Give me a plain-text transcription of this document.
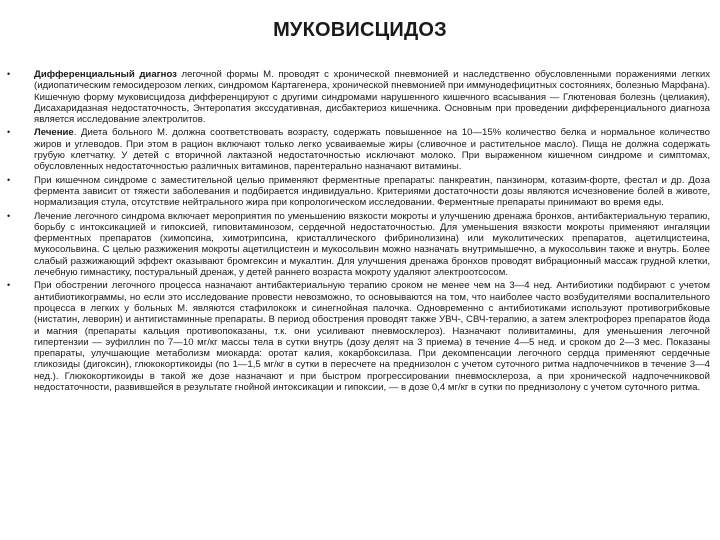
МУКОВИСЦИДОЗ
• Дифференциальный диагноз легочной формы М. проводят с хронической пневмонией и наследственно обусловленными поражениями легких (идиопатическим гемосидерозом легких, синдромом Картагенера, хронической пневмонией при иммунодефицитных состояниях, болезнью Марфана). Кишечную форму муковисцидоза дифференцируют с другими синдромами нарушенного кишечного всасывания — Глютеновая болезнь (целиакия), Дисахаридазная недостаточность, Энтеропатия экссудативная, дисбактериоз кишечника. Основным при проведении дифференциального диагноза является исследование электролитов.
• Лечение. Диета больного М. должна соответствовать возрасту, содержать повышенное на 10—15% количество белка и нормальное количество жиров и углеводов. При этом в рацион включают только легко усваиваемые жиры (сливочное и растительное масло). Пища не должна содержать грубую клетчатку. У детей с вторичной лактазной недостаточностью исключают молоко. При выраженном кишечном синдроме и симптомах, обусловленных недостаточностью различных витаминов, парентерально назначают витамины.
• При кишечном синдроме с заместительной целью применяют ферментные препараты: панкреатин, панзинорм, котазим-форте, фестал и др. Доза фермента зависит от тяжести заболевания и подбирается индивидуально. Критериями достаточности дозы являются исчезновение болей в животе, нормализация стула, отсутствие нейтрального жира при копрологическом исследовании. Ферментные препараты принимают во время еды.
• Лечение легочного синдрома включает мероприятия по уменьшению вязкости мокроты и улучшению дренажа бронхов, антибактериальную терапию, борьбу с интоксикацией и гипоксией, гиповитаминозом, сердечной недостаточностью. Для уменьшения вязкости мокроты применяют ингаляции ферментных препаратов (химопсина, химотрипсина, кристаллического фибринолизина) или муколитических препаратов, ацетилцистеина, мукосольвина. С целью разжижения мокроты ацетилцистеин и мукосольвин можно назначать внутримышечно, а мукосольвин также и внутрь. Более слабый разжижающий эффект оказывают бромгексин и мукалтин. Для улучшения дренажа бронхов проводят вибрационный массаж грудной клетки, лечебную гимнастику, постуральный дренаж, у детей раннего возраста мокроту удаляют электроотсосом.
• При обострении легочного процесса назначают антибактериальную терапию сроком не менее чем на 3—4 нед. Антибиотики подбирают с учетом антибиотикограммы, но если это исследование провести невозможно, то основываются на том, что наиболее часто возбудителями воспалительного процесса в легких у больных М. являются стафилококк и синегнойная палочка. Одновременно с антибиотиками используют противогрибковые (нистатин, леворин) и антигистаминные препараты. В период обострения проводят также УВЧ-, СВЧ-терапию, а затем электрофорез препаратов йода и магния (препараты кальция противопоказаны, т.к. они усиливают пневмосклероз). Назначают поливитамины, для уменьшения легочной гипертензии — эуфиллин по 7—10 мг/кг массы тела в сутки внутрь (дозу делят на 3 приема) в течение 4—5 нед. и сроком до 2—3 мес. Показаны препараты, улучшающие метаболизм миокарда: оротат калия, кокарбоксилаза. При декомпенсации легочного сердца применяют сердечные гликозиды (дигоксин), глюкокортикоиды (по 1—1,5 мг/кг в сутки в пересчете на преднизолон с учетом суточного ритма надпочечников в течение 3—4 нед.). Глюкокортикоиды в такой же дозе назначают и при быстром прогрессировании пневмосклероза, а при хронической надпочечниковой недостаточности, развившейся в результате гнойной интоксикации и гипоксии, — в дозе 0,4 мг/кг в сутки по преднизолону с учетом суточного ритма.
